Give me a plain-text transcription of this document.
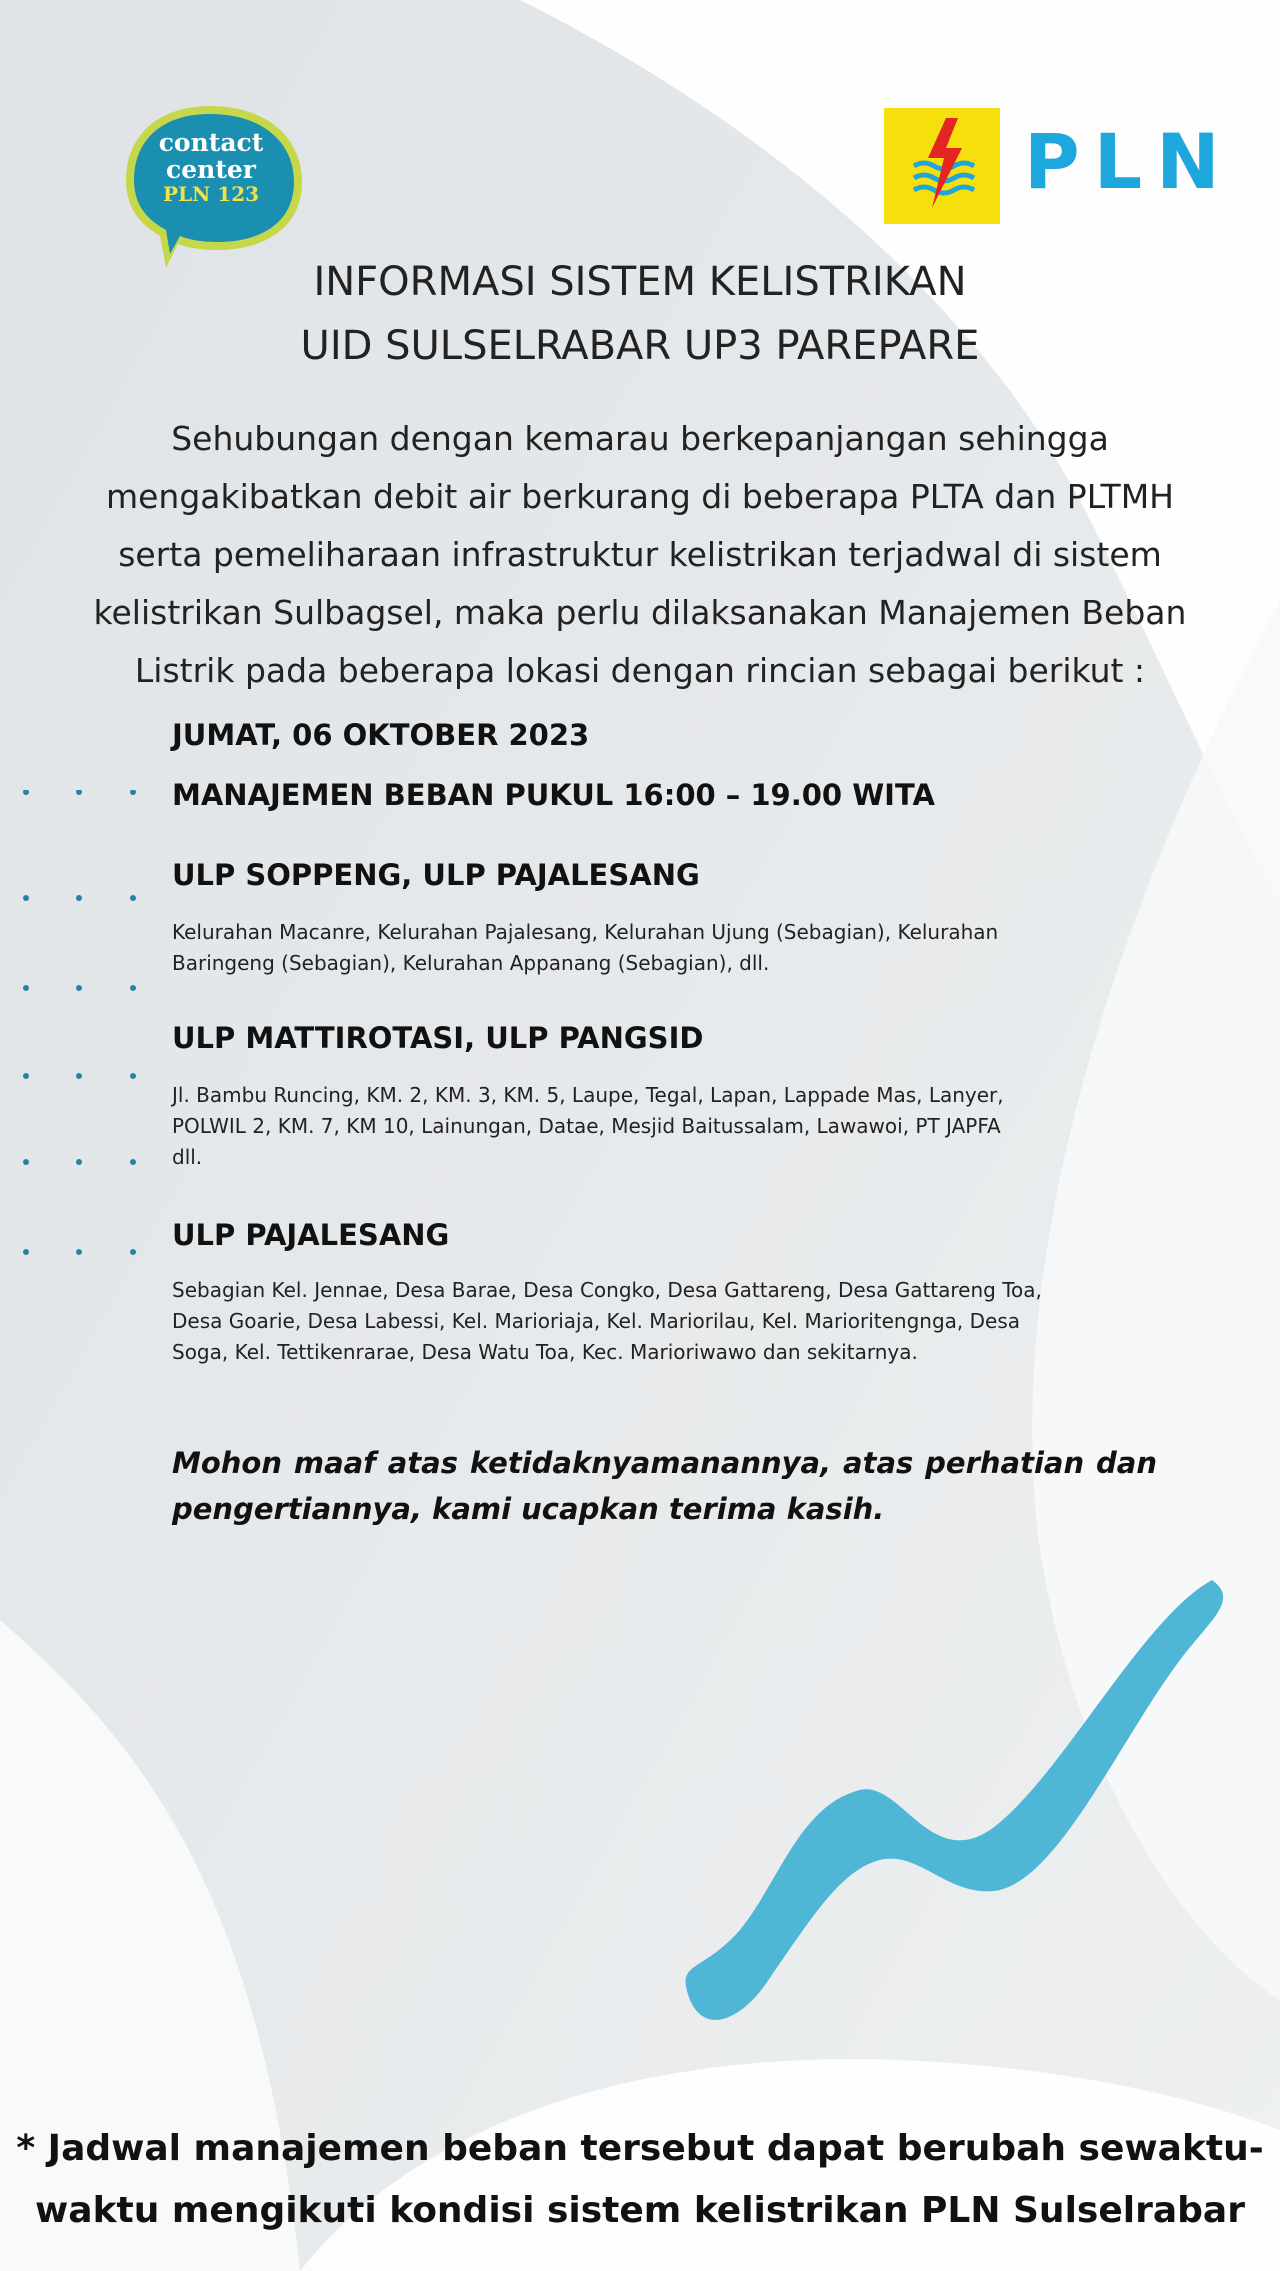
contact
center
PLN 123	PLN
INFORMASI SISTEM KELISTRIKAN
UID SULSELRABAR UP3 PAREPARE
Sehubungan dengan kemarau berkepanjangan sehingga
mengakibatkan debit air berkurang di beberapa PLTA dan PLTMH
serta pemeliharaan infrastruktur kelistrikan terjadwal di sistem
kelistrikan Sulbagsel, maka perlu dilaksanakan Manajemen Beban
Listrik pada beberapa lokasi dengan rincian sebagai berikut :
JUMAT, 06 OKTOBER 2023
MANAJEMEN BEBAN PUKUL 16:00 – 19.00 WITA
ULP SOPPENG, ULP PAJALESANG
Kelurahan Macanre, Kelurahan Pajalesang, Kelurahan Ujung (Sebagian), Kelurahan
Baringeng (Sebagian), Kelurahan Appanang (Sebagian), dll.
ULP MATTIROTASI, ULP PANGSID
Jl. Bambu Runcing, KM. 2, KM. 3, KM. 5, Laupe, Tegal, Lapan, Lappade Mas, Lanyer,
POLWIL 2, KM. 7, KM 10, Lainungan, Datae, Mesjid Baitussalam, Lawawoi, PT JAPFA
dll.
ULP PAJALESANG
Sebagian Kel. Jennae, Desa Barae, Desa Congko, Desa Gattareng, Desa Gattareng Toa,
Desa Goarie, Desa Labessi, Kel. Marioriaja, Kel. Mariorilau, Kel. Marioritengnga, Desa
Soga, Kel. Tettikenrarae, Desa Watu Toa, Kec. Marioriwawo dan sekitarnya.
Mohon maaf atas ketidaknyamanannya, atas perhatian dan
pengertiannya, kami ucapkan terima kasih.
* Jadwal manajemen beban tersebut dapat berubah sewaktu-
waktu mengikuti kondisi sistem kelistrikan PLN Sulselrabar
